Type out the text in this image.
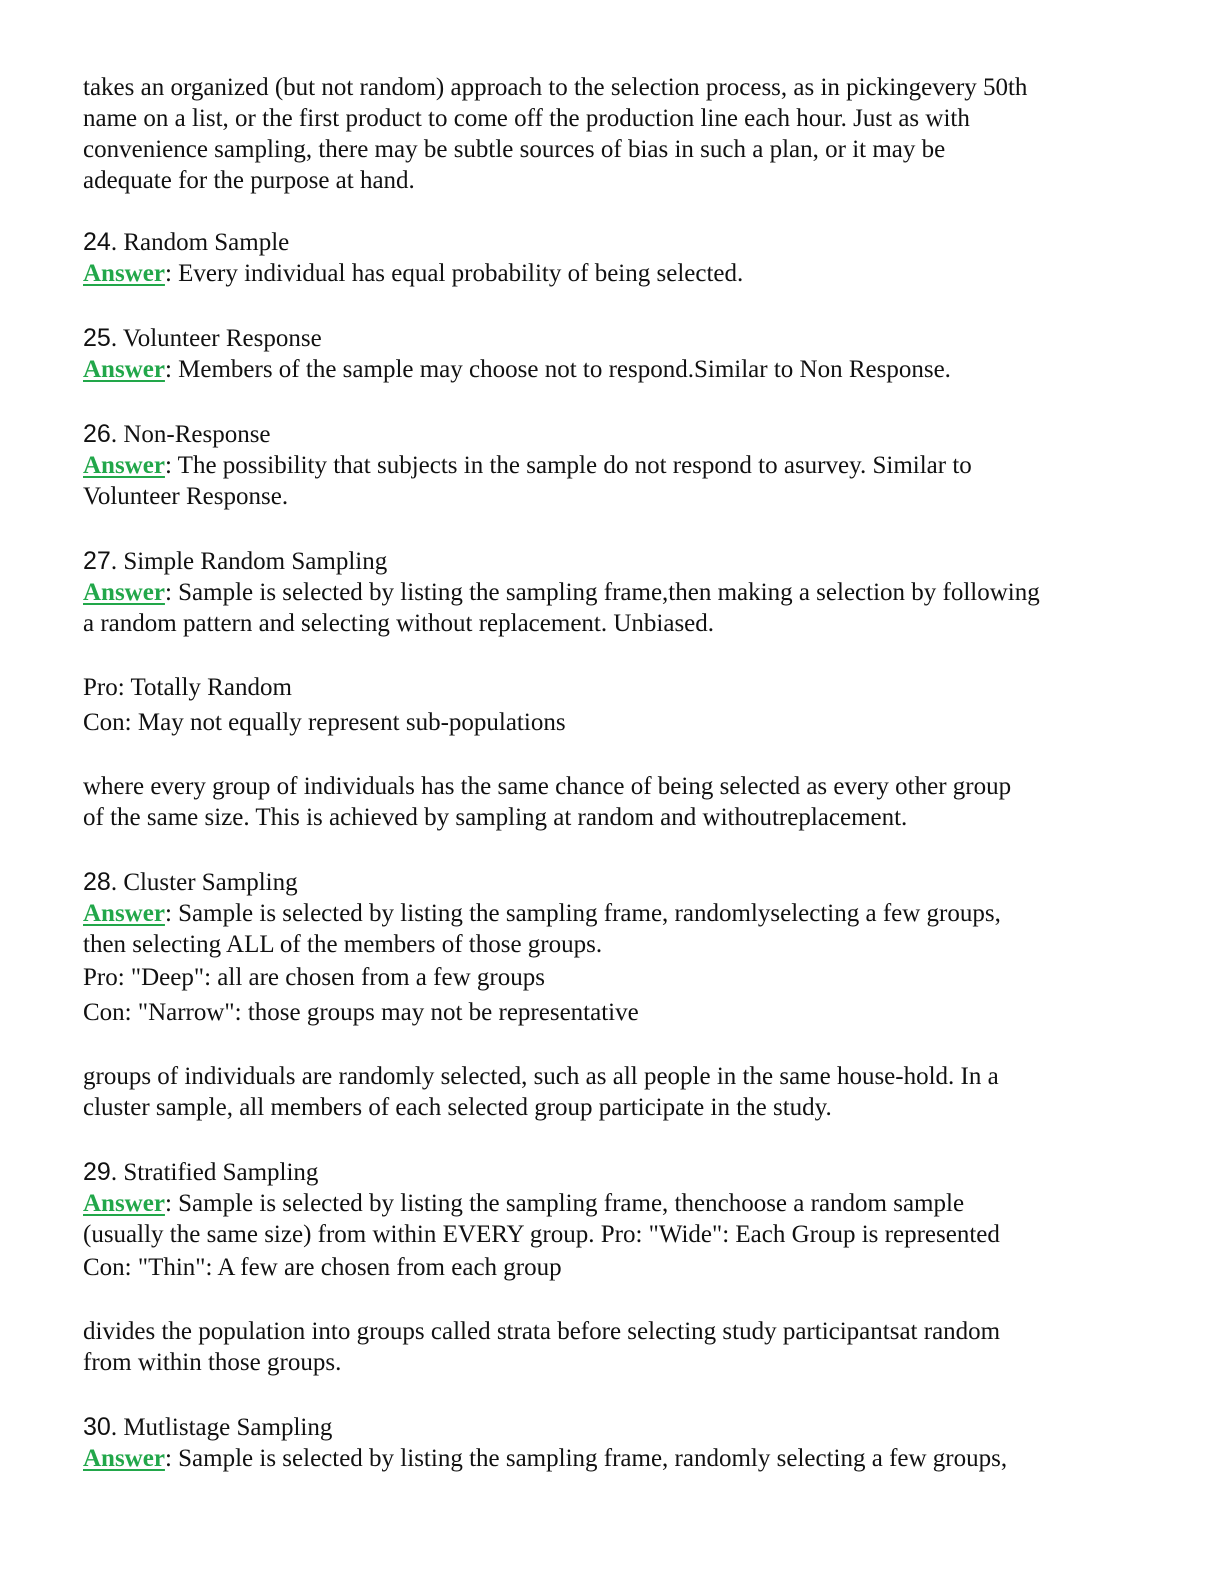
takes an organized (but not random) approach to the selection process, as in pickingevery 50th

name on a list, or the first product to come off the production line each hour. Just as with

convenience sampling, there may be subtle sources of bias in such a plan, or it may be

adequate for the purpose at hand.

24. Random Sample

Answer: Every individual has equal probability of being selected.

25. Volunteer Response

Answer: Members of the sample may choose not to respond.Similar to Non Response.

26. Non-Response

Answer: The possibility that subjects in the sample do not respond to asurvey. Similar to

Volunteer Response.

27. Simple Random Sampling

Answer: Sample is selected by listing the sampling frame,then making a selection by following

a random pattern and selecting without replacement. Unbiased.

Pro: Totally Random

Con: May not equally represent sub-populations

where every group of individuals has the same chance of being selected as every other group

of the same size. This is achieved by sampling at random and withoutreplacement.

28. Cluster Sampling

Answer: Sample is selected by listing the sampling frame, randomlyselecting a few groups,

then selecting ALL of the members of those groups.

Pro: "Deep": all are chosen from a few groups

Con: "Narrow": those groups may not be representative

groups of individuals are randomly selected, such as all people in the same house-hold. In a

cluster sample, all members of each selected group participate in the study.

29. Stratified Sampling

Answer: Sample is selected by listing the sampling frame, thenchoose a random sample

(usually the same size) from within EVERY group. Pro: "Wide": Each Group is represented

Con: "Thin": A few are chosen from each group

divides the population into groups called strata before selecting study participantsat random

from within those groups.

30. Mutlistage Sampling

Answer: Sample is selected by listing the sampling frame, randomly selecting a few groups,
